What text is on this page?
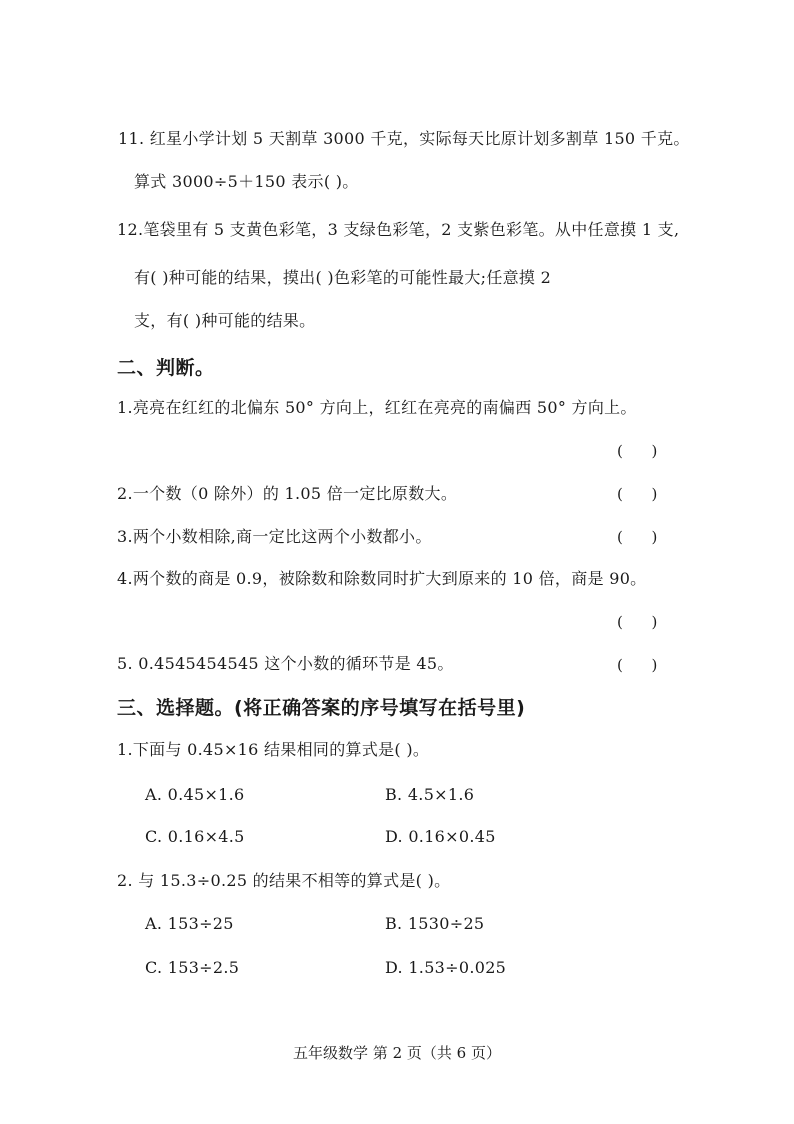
11. 红星小学计划 5 天割草 3000 千克，实际每天比原计划多割草 150 千克。
算式 3000÷5＋150 表示( )。
12.笔袋里有 5 支黄色彩笔，3 支绿色彩笔，2 支紫色彩笔。从中任意摸 1 支,
有( )种可能的结果，摸出( )色彩笔的可能性最大;任意摸 2
支，有( )种可能的结果。
二、判断。
1.亮亮在红红的北偏东 50° 方向上，红红在亮亮的南偏西 50° 方向上。
(      )
2.一个数（0 除外）的 1.05 倍一定比原数大。	(      )
3.两个小数相除,商一定比这两个小数都小。	(      )
4.两个数的商是 0.9，被除数和除数同时扩大到原来的 10 倍，商是 90。
(      )
5. 0.4545454545 这个小数的循环节是 45。	(      )
三、选择题。(将正确答案的序号填写在括号里)
1.下面与 0.45×16 结果相同的算式是( )。
A. 0.45×1.6	B. 4.5×1.6
C. 0.16×4.5	D. 0.16×0.45
2. 与 15.3÷0.25 的结果不相等的算式是( )。
A. 153÷25	B. 1530÷25
C. 153÷2.5	D. 1.53÷0.025
五年级数学 第 2 页（共 6 页）
